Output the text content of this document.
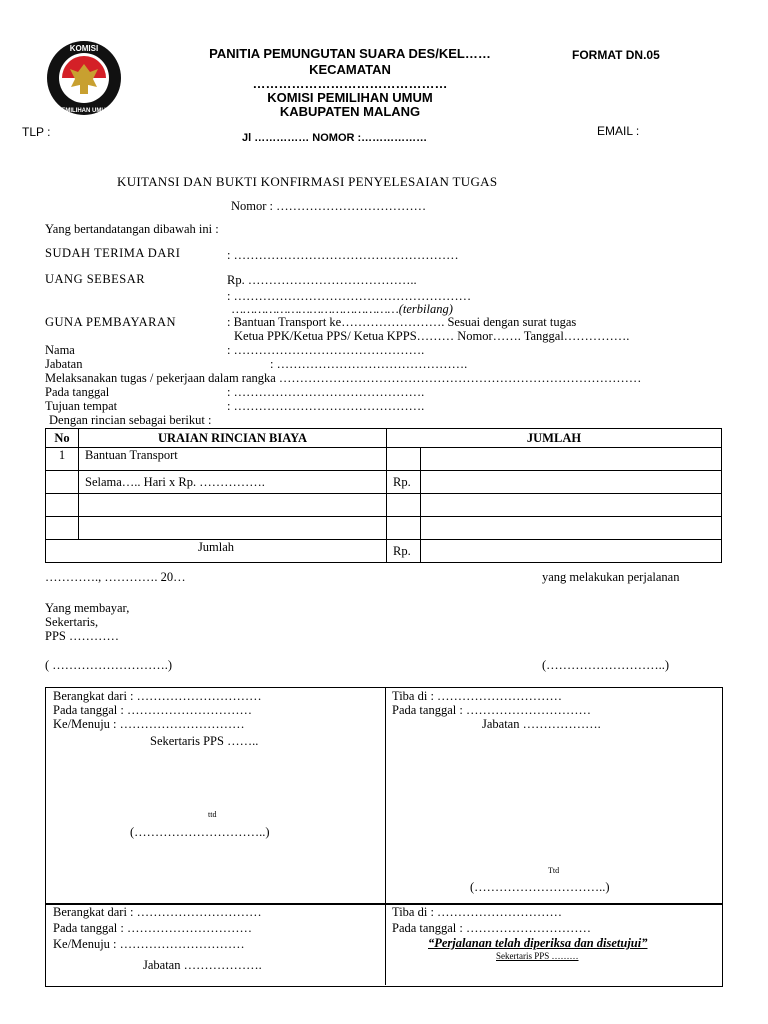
KOMISI
PEMILIHAN UMUM
PANITIA PEMUNGUTAN SUARA DES/KEL……
KECAMATAN
………………………………………
KOMISI PEMILIHAN UMUM
KABUPATEN MALANG
FORMAT DN.05
TLP :	EMAIL :
Jl …………… NOMOR :………………
KUITANSI DAN BUKTI KONFIRMASI PENYELESAIAN TUGAS
Nomor : ………………………………
Yang bertandatangan dibawah ini :
SUDAH TERIMA DARI	: ………………………………………………
UANG SEBESAR	Rp. …………………………………..
: …………………………………………………
………………………………………(terbilang)
GUNA PEMBAYARAN	: Bantuan Transport ke……………………. Sesuai dengan surat tugas
Ketua PPK/Ketua PPS/ Ketua KPPS……… Nomor……. Tanggal…………….
Nama	: ……………………………………….
Jabatan	: ……………………………………….
Melaksanakan tugas / pekerjaan dalam rangka ……………………………………………………………………………
Pada tanggal	: ……………………………………….
Tujuan tempat	: ……………………………………….
Dengan rincian sebagai berikut :
No	URAIAN RINCIAN BIAYA	JUMLAH	
1	Bantuan Transport		
	Selama….. Hari x Rp. …………….	Rp.	

Jumlah		Rp.	
…………., …………. 20…	yang melakukan perjalanan
Yang membayar,
Sekertaris,
PPS …………
( ……………………….)	(………………………..)
Berangkat dari : …………………………
Pada tanggal : …………………………
Ke/Menuju : …………………………
Sekertaris PPS ……..
ttd
(…………………………..)
Tiba di : …………………………
Pada tanggal : …………………………
Jabatan ……………….
Ttd
(…………………………..)
Berangkat dari : …………………………
Pada tanggal : …………………………
Ke/Menuju : …………………………
Jabatan ……………….
Tiba di : …………………………
Pada tanggal : …………………………
“Perjalanan telah diperiksa dan disetujui”
Sekertaris PPS ………
